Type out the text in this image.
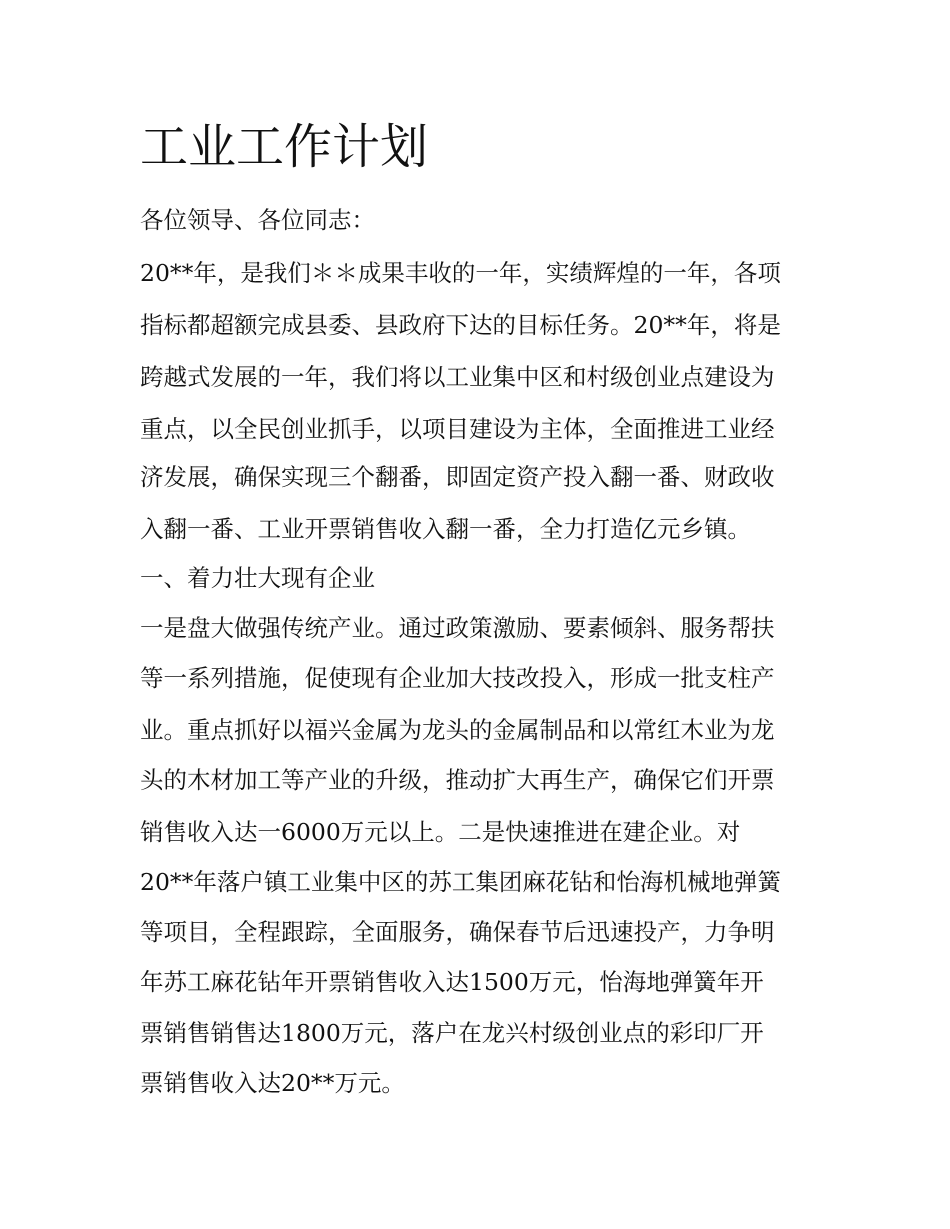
工业工作计划

各位领导、各位同志：

20**年，是我们＊＊成果丰收的一年，实绩辉煌的一年，各项

指标都超额完成县委、县政府下达的目标任务。20**年，将是

跨越式发展的一年，我们将以工业集中区和村级创业点建设为

重点，以全民创业抓手，以项目建设为主体，全面推进工业经

济发展，确保实现三个翻番，即固定资产投入翻一番、财政收

入翻一番、工业开票销售收入翻一番，全力打造亿元乡镇。

一、着力壮大现有企业

一是盘大做强传统产业。通过政策激励、要素倾斜、服务帮扶

等一系列措施，促使现有企业加大技改投入，形成一批支柱产

业。重点抓好以福兴金属为龙头的金属制品和以常红木业为龙

头的木材加工等产业的升级，推动扩大再生产，确保它们开票

销售收入达一6000万元以上。二是快速推进在建企业。对

20**年落户镇工业集中区的苏工集团麻花钻和怡海机械地弹簧

等项目，全程跟踪，全面服务，确保春节后迅速投产，力争明

年苏工麻花钻年开票销售收入达1500万元，怡海地弹簧年开

票销售销售达1800万元，落户在龙兴村级创业点的彩印厂开

票销售收入达20**万元。
